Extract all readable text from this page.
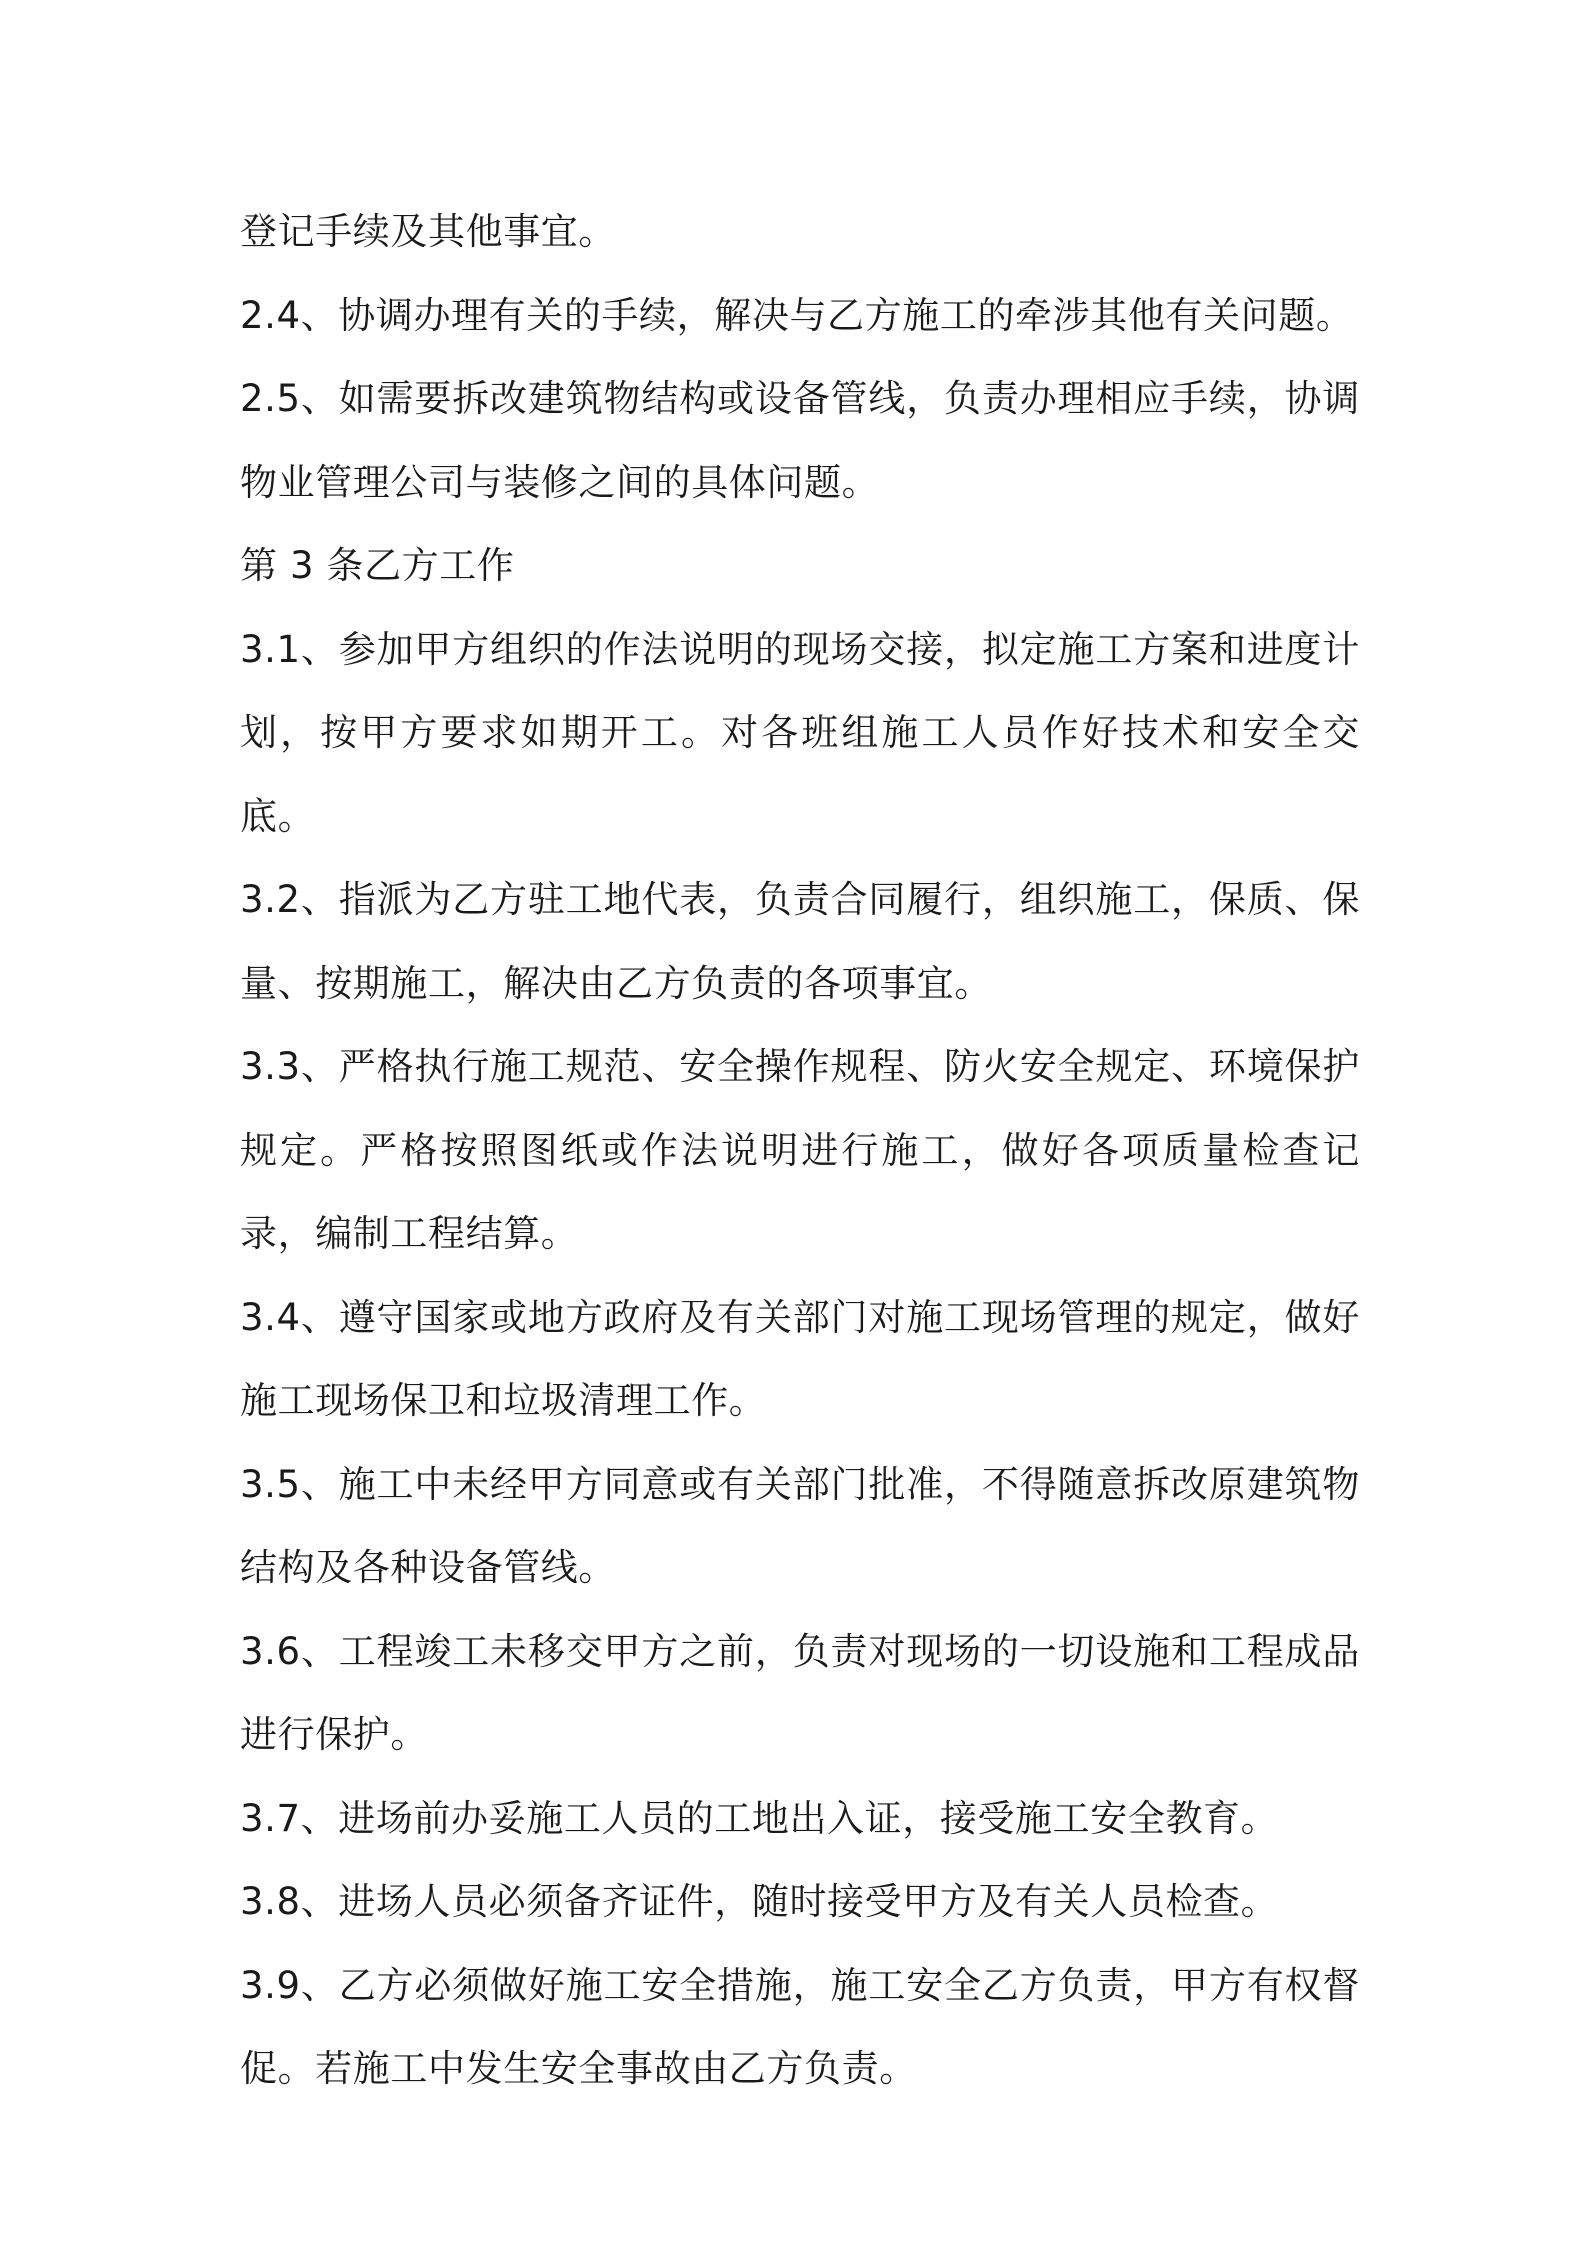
登记手续及其他事宜。

2.4、协调办理有关的手续，解决与乙方施工的牵涉其他有关问题。

2.5、如需要拆改建筑物结构或设备管线，负责办理相应手续，协调物业管理公司与装修之间的具体问题。

第 3 条乙方工作

3.1、参加甲方组织的作法说明的现场交接，拟定施工方案和进度计划，按甲方要求如期开工。对各班组施工人员作好技术和安全交底。

3.2、指派为乙方驻工地代表，负责合同履行，组织施工，保质、保量、按期施工，解决由乙方负责的各项事宜。

3.3、严格执行施工规范、安全操作规程、防火安全规定、环境保护规定。严格按照图纸或作法说明进行施工，做好各项质量检查记录，编制工程结算。

3.4、遵守国家或地方政府及有关部门对施工现场管理的规定，做好施工现场保卫和垃圾清理工作。

3.5、施工中未经甲方同意或有关部门批准，不得随意拆改原建筑物结构及各种设备管线。

3.6、工程竣工未移交甲方之前，负责对现场的一切设施和工程成品进行保护。

3.7、进场前办妥施工人员的工地出入证，接受施工安全教育。

3.8、进场人员必须备齐证件，随时接受甲方及有关人员检查。

3.9、乙方必须做好施工安全措施，施工安全乙方负责，甲方有权督促。若施工中发生安全事故由乙方负责。
